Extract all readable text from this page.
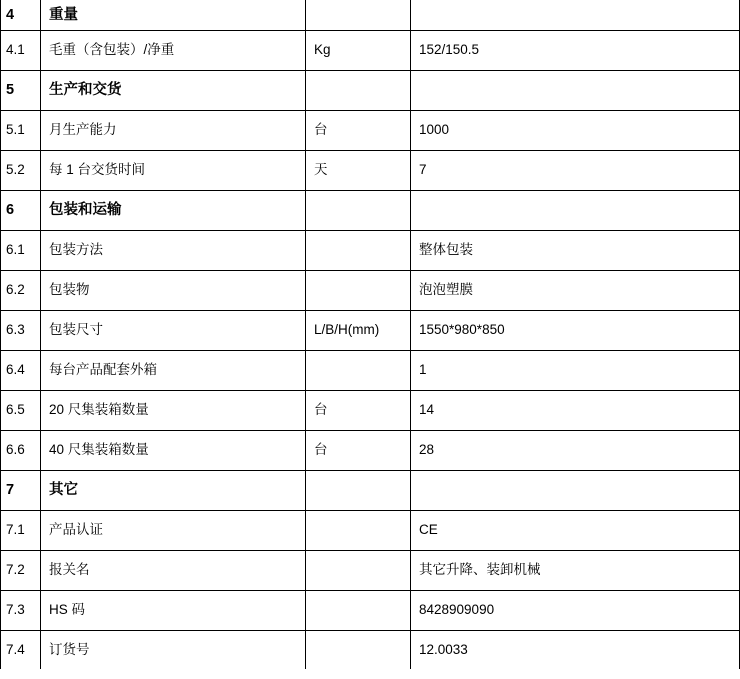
4	重量		
4.1	毛重（含包装）/净重	Kg	152/150.5
5	生产和交货		
5.1	月生产能力	台	1000
5.2	每 1 台交货时间	天	7
6	包装和运输		
6.1	包装方法		整体包装
6.2	包装物		泡泡塑膜
6.3	包装尺寸	L/B/H(mm)	1550*980*850
6.4	每台产品配套外箱		1
6.5	20 尺集装箱数量	台	14
6.6	40 尺集装箱数量	台	28
7	其它		
7.1	产品认证		CE
7.2	报关名		其它升降、装卸机械
7.3	HS 码		8428909090
7.4	订货号		12.0033
